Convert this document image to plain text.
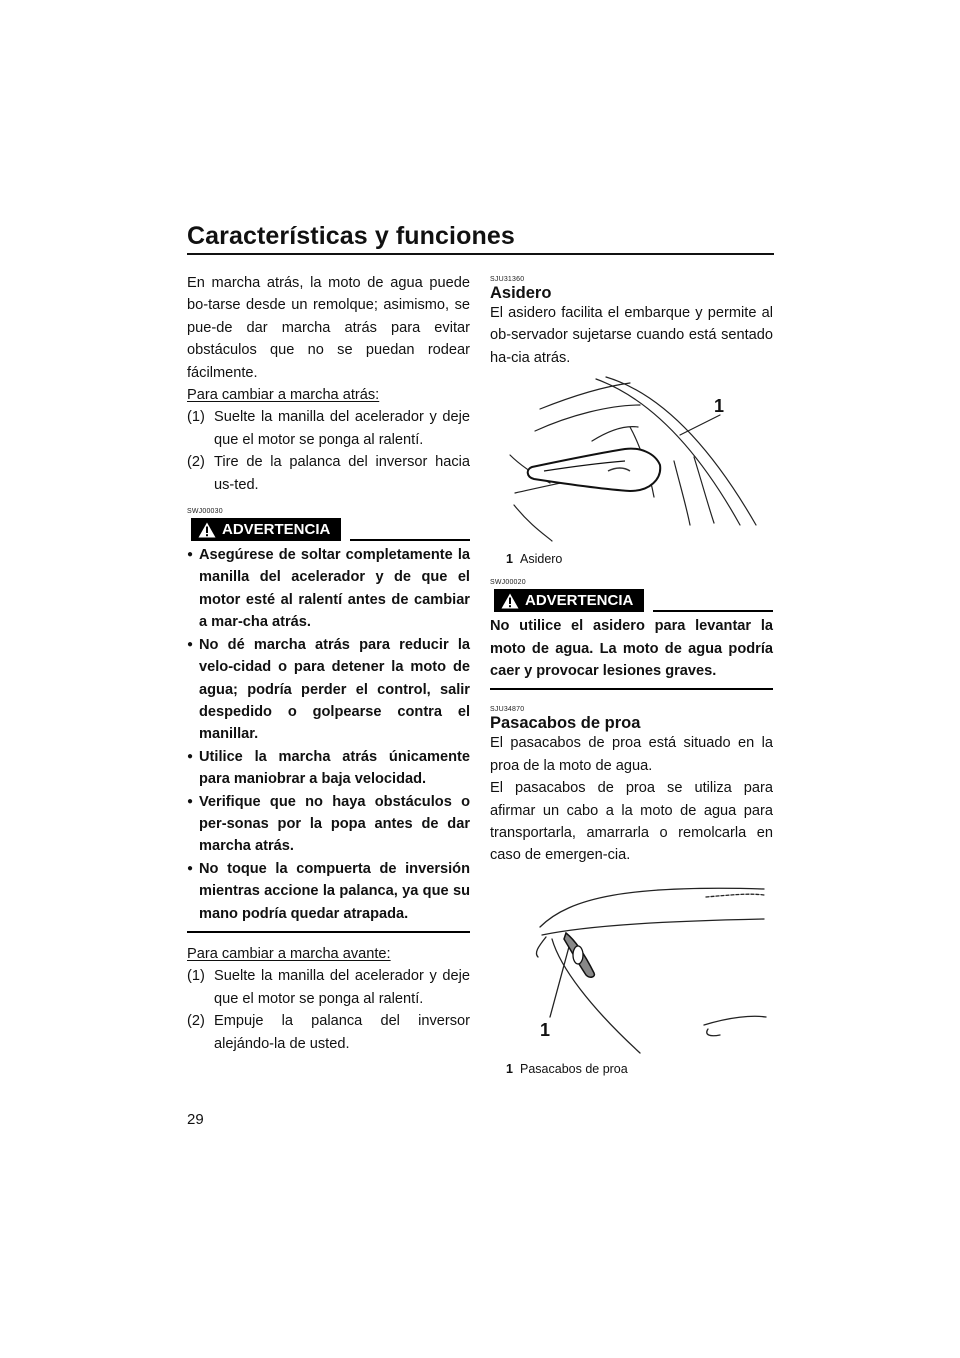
Características y funciones

En marcha atrás, la moto de agua puede bo-tarse desde un remolque; asimismo, se pue-de dar marcha atrás para evitar obstáculos que no se puedan rodear fácilmente.

Para cambiar a marcha atrás:

(1) Suelte la manilla del acelerador y deje que el motor se ponga al ralentí.
(2) Tire de la palanca del inversor hacia us-ted.
SWJ00030
ADVERTENCIA
● Asegúrese de soltar completamente la manilla del acelerador y de que el motor esté al ralentí antes de cambiar a mar-cha atrás.
● No dé marcha atrás para reducir la velo-cidad o para detener la moto de agua; podría perder el control, salir despedido o golpearse contra el manillar.
● Utilice la marcha atrás únicamente para maniobrar a baja velocidad.
● Verifique que no haya obstáculos o per-sonas por la popa antes de dar marcha atrás.
● No toque la compuerta de inversión mientras accione la palanca, ya que su mano podría quedar atrapada.

Para cambiar a marcha avante:

(1) Suelte la manilla del acelerador y deje que el motor se ponga al ralentí.
(2) Empuje la palanca del inversor alejándo-la de usted.
SJU31360
Asidero

El asidero facilita el embarque y permite al ob-servador sujetarse cuando está sentado ha-cia atrás.

1
1 Asidero
SWJ00020
ADVERTENCIA

No utilice el asidero para levantar la moto de agua. La moto de agua podría caer y provocar lesiones graves.

SJU34870
Pasacabos de proa

El pasacabos de proa está situado en la proa de la moto de agua.

El pasacabos de proa se utiliza para afirmar un cabo a la moto de agua para transportarla, amarrarla o remolcarla en caso de emergen-cia.

1
1 Pasacabos de proa
29
